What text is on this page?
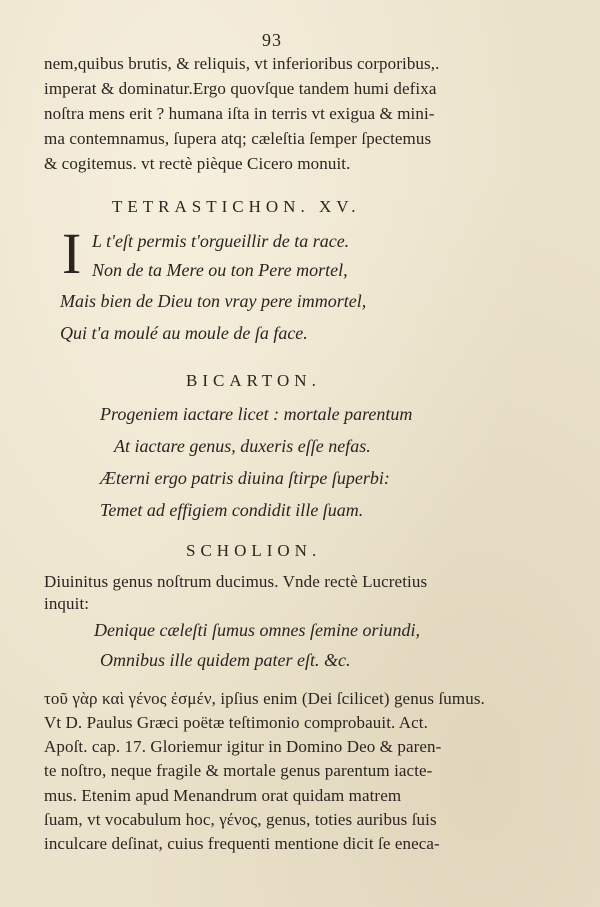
93
nem,quibus brutis, & reliquis, vt inferioribus corporibus,.
imperat & dominatur.Ergo quovſque tandem humi defixa
noſtra mens erit ? humana iſta in terris vt exigua & mini-
ma contemnamus, ſupera atq; cæleſtia ſemper ſpectemus
& cogitemus. vt rectè pièque Cicero monuit.
TETRASTICHON. XV.
I L t'eſt permis t'orgueillir de ta race.
Non de ta Mere ou ton Pere mortel,
Mais bien de Dieu ton vray pere immortel,
Qui t'a moulé au moule de ſa face.
BICARTON.
Progeniem iactare licet : mortale parentum
At iactare genus, duxeris eſſe nefas.
Æterni ergo patris diuina ſtirpe ſuperbi:
Temet ad effigiem condidit ille ſuam.
SCHOLION.
Diuinitus genus noſtrum ducimus. Vnde rectè Lucretius
inquit:
Denique cæleſti ſumus omnes ſemine oriundi,
Omnibus ille quidem pater eſt. &c.
τοῦ γὰρ καὶ γένος ἐσμέν, ipſius enim (Dei ſcilicet) genus ſumus.
Vt D. Paulus Græci poëtæ teſtimonio comprobauit. Act.
Apoſt. cap. 17. Gloriemur igitur in Domino Deo & paren-
te noſtro, neque fragile & mortale genus parentum iacte-
mus. Etenim apud Menandrum orat quidam matrem
ſuam, vt vocabulum hoc, γένος, genus, toties auribus ſuis
inculcare deſinat, cuius frequenti mentione dicit ſe eneca-
